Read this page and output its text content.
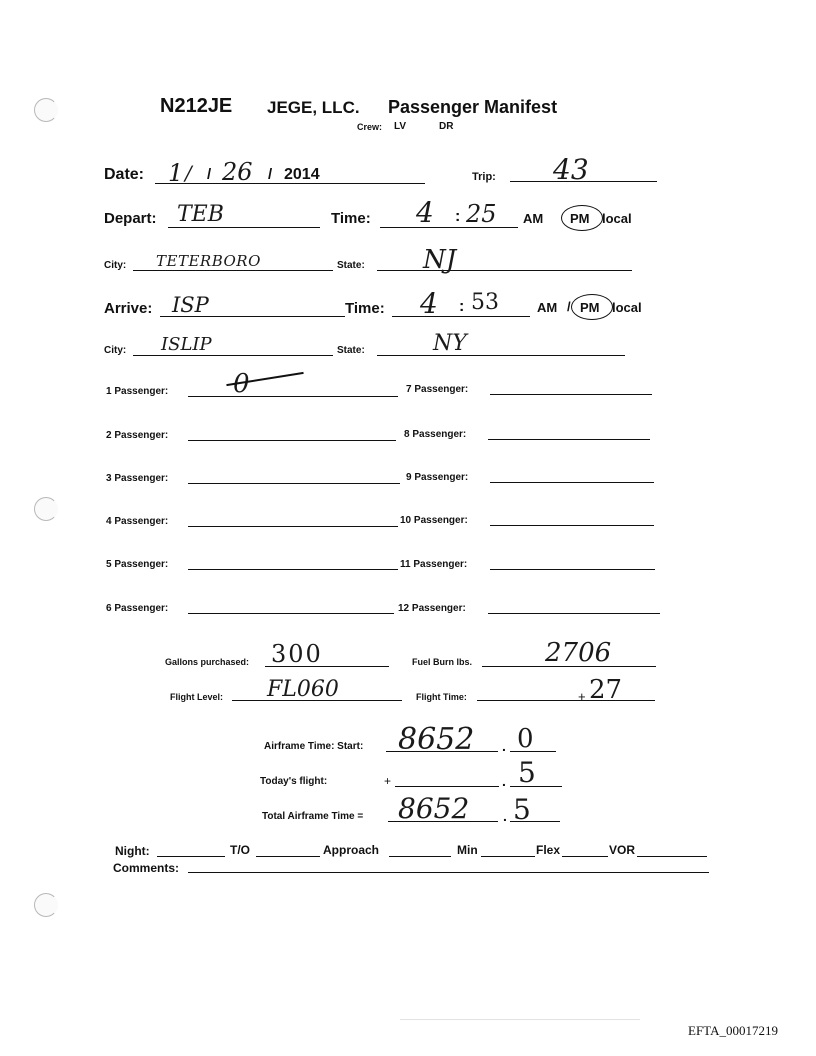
N212JE JEGE, LLC. Passenger Manifest
Crew: LV	DR
Date: 1 / / 26 / 2014	Trip: 43
Depart: TEB	Time: 4 : 25 AM PM local
City: TETERBORO	State: NJ
Arrive: ISP	Time: 4 : 53	AM / PM local
City: ISLIP	State:	NY
1 Passenger: 0
2 Passenger:
3 Passenger:
4 Passenger:
5 Passenger:
6 Passenger:
7 Passenger:
8 Passenger:
9 Passenger:
10 Passenger:
11 Passenger:
12 Passenger:
Gallons purchased: 300	Fuel Burn lbs.	2706
Flight Level: FL060	Flight Time:	+ 27
Airframe Time: Start: 8652 . 0
Today's flight:	+	. 5
Total Airframe Time = 8652 . 5
Night:	T/O	Approach	Min	Flex	VOR
Comments:
EFTA_00017219
